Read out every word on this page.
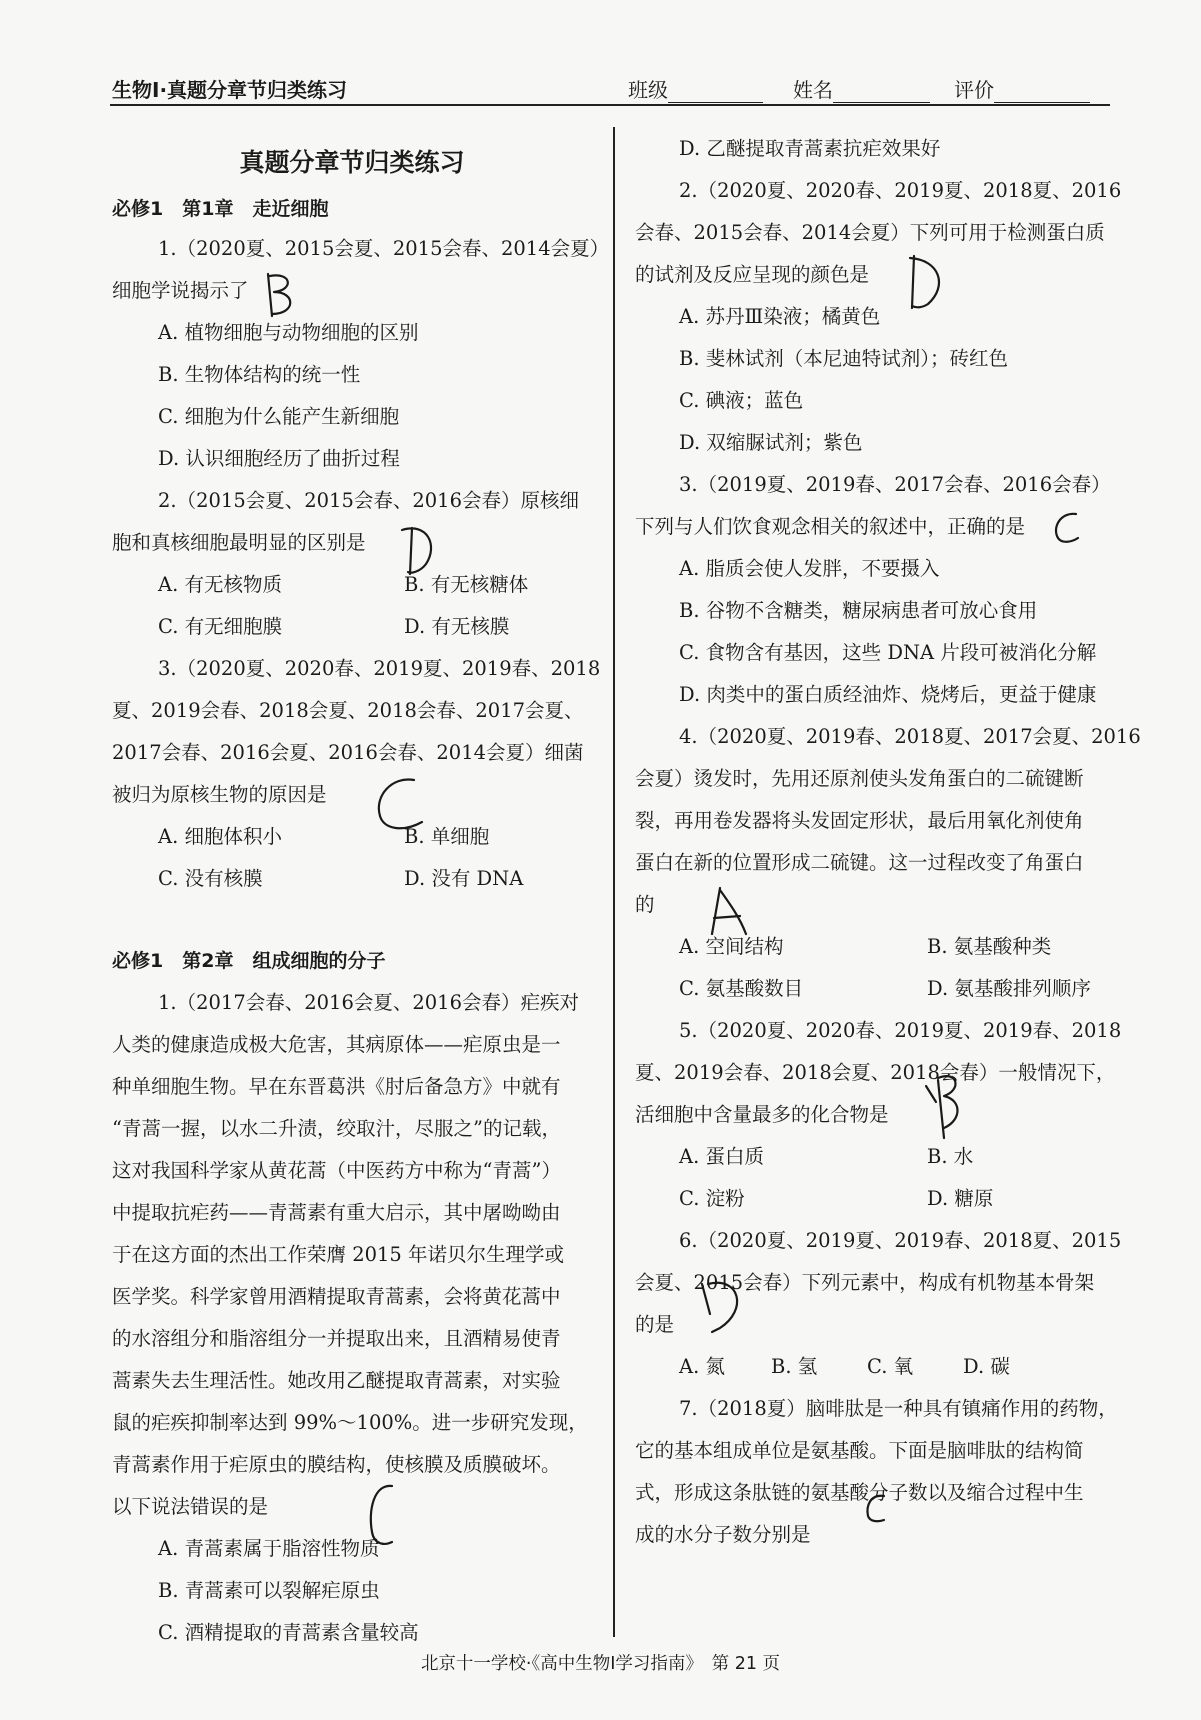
生物Ⅰ·真题分章节归类练习	班级	姓名	评价
真题分章节归类练习
必修1　第1章　走近细胞
1.（2020夏、2015会夏、2015会春、2014会夏）
细胞学说揭示了
A. 植物细胞与动物细胞的区别
B. 生物体结构的统一性
C. 细胞为什么能产生新细胞
D. 认识细胞经历了曲折过程
2.（2015会夏、2015会春、2016会春）原核细
胞和真核细胞最明显的区别是
A. 有无核物质	B. 有无核糖体
C. 有无细胞膜	D. 有无核膜
3.（2020夏、2020春、2019夏、2019春、2018
夏、2019会春、2018会夏、2018会春、2017会夏、
2017会春、2016会夏、2016会春、2014会夏）细菌
被归为原核生物的原因是
A. 细胞体积小	B. 单细胞
C. 没有核膜	D. 没有 DNA
必修1　第2章　组成细胞的分子
1.（2017会春、2016会夏、2016会春）疟疾对
人类的健康造成极大危害，其病原体——疟原虫是一
种单细胞生物。早在东晋葛洪《肘后备急方》中就有
“青蒿一握，以水二升渍，绞取汁，尽服之”的记载，
这对我国科学家从黄花蒿（中医药方中称为“青蒿”）
中提取抗疟药——青蒿素有重大启示，其中屠呦呦由
于在这方面的杰出工作荣膺 2015 年诺贝尔生理学或
医学奖。科学家曾用酒精提取青蒿素，会将黄花蒿中
的水溶组分和脂溶组分一并提取出来，且酒精易使青
蒿素失去生理活性。她改用乙醚提取青蒿素，对实验
鼠的疟疾抑制率达到 99%～100%。进一步研究发现，
青蒿素作用于疟原虫的膜结构，使核膜及质膜破坏。
以下说法错误的是
A. 青蒿素属于脂溶性物质
B. 青蒿素可以裂解疟原虫
C. 酒精提取的青蒿素含量较高
D. 乙醚提取青蒿素抗疟效果好
2.（2020夏、2020春、2019夏、2018夏、2016
会春、2015会春、2014会夏）下列可用于检测蛋白质
的试剂及反应呈现的颜色是
A. 苏丹Ⅲ染液；橘黄色
B. 斐林试剂（本尼迪特试剂）；砖红色
C. 碘液；蓝色
D. 双缩脲试剂；紫色
3.（2019夏、2019春、2017会春、2016会春）
下列与人们饮食观念相关的叙述中，正确的是
A. 脂质会使人发胖，不要摄入
B. 谷物不含糖类，糖尿病患者可放心食用
C. 食物含有基因，这些 DNA 片段可被消化分解
D. 肉类中的蛋白质经油炸、烧烤后，更益于健康
4.（2020夏、2019春、2018夏、2017会夏、2016
会夏）烫发时，先用还原剂使头发角蛋白的二硫键断
裂，再用卷发器将头发固定形状，最后用氧化剂使角
蛋白在新的位置形成二硫键。这一过程改变了角蛋白
的
A. 空间结构	B. 氨基酸种类
C. 氨基酸数目	D. 氨基酸排列顺序
5.（2020夏、2020春、2019夏、2019春、2018
夏、2019会春、2018会夏、2018会春）一般情况下，
活细胞中含量最多的化合物是
A. 蛋白质	B. 水
C. 淀粉	D. 糖原
6.（2020夏、2019夏、2019春、2018夏、2015
会夏、2015会春）下列元素中，构成有机物基本骨架
的是
A. 氮 B. 氢	C. 氧	D. 碳
7.（2018夏）脑啡肽是一种具有镇痛作用的药物，
它的基本组成单位是氨基酸。下面是脑啡肽的结构简
式，形成这条肽链的氨基酸分子数以及缩合过程中生
成的水分子数分别是
北京十一学校·《高中生物Ⅰ学习指南》　第 21 页
